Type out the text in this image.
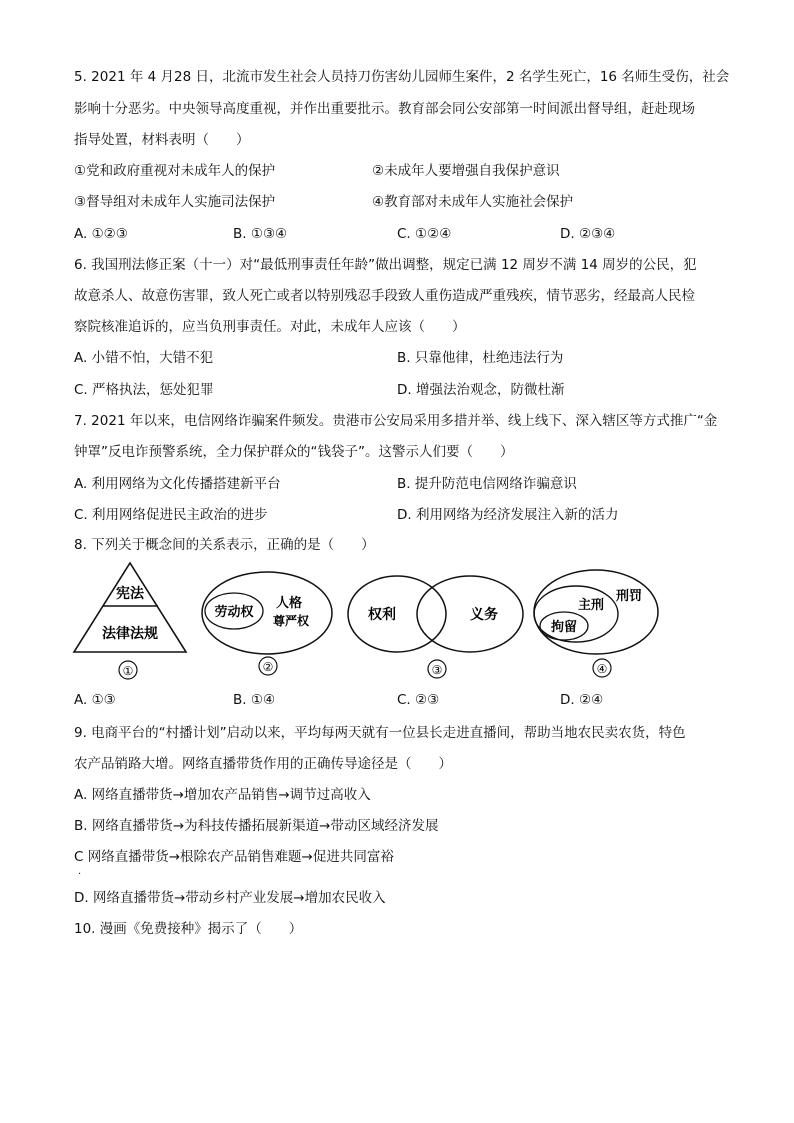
5. 2021 年 4 月28 日，北流市发生社会人员持刀伤害幼儿园师生案件，2 名学生死亡，16 名师生受伤，社会
影响十分恶劣。中央领导高度重视，并作出重要批示。教育部会同公安部第一时间派出督导组，赶赴现场
指导处置，材料表明（　　）
①党和政府重视对未成年人的保护	②未成年人要增强自我保护意识
③督导组对未成年人实施司法保护	④教育部对未成年人实施社会保护
A. ①②③	B. ①③④	C. ①②④	D. ②③④
6. 我国刑法修正案（十一）对“最低刑事责任年龄”做出调整，规定已满 12 周岁不满 14 周岁的公民，犯
故意杀人、故意伤害罪，致人死亡或者以特别残忍手段致人重伤造成严重残疾，情节恶劣，经最高人民检
察院核准追诉的，应当负刑事责任。对此，未成年人应该（　　）
A. 小错不怕，大错不犯	B. 只靠他律，杜绝违法行为
C. 严格执法，惩处犯罪	D. 增强法治观念，防微杜渐
7. 2021 年以来，电信网络诈骗案件频发。贵港市公安局采用多措并举、线上线下、深入辖区等方式推广“金
钟罩”反电诈预警系统，全力保护群众的“钱袋子”。这警示人们要（　　）
A. 利用网络为文化传播搭建新平台	B. 提升防范电信网络诈骗意识
C. 利用网络促进民主政治的进步	D. 利用网络为经济发展注入新的活力
8. 下列关于概念间的关系表示，正确的是（　　）
宪法
法律法规
①
劳动权
人格
尊严权
②
权利	义务
③
刑罚
主刑
拘留
④
A. ①③	B. ①④	C. ②③	D. ②④
9. 电商平台的“村播计划”启动以来，平均每两天就有一位县长走进直播间，帮助当地农民卖农货，特色
农产品销路大增。网络直播带货作用的正确传导途径是（　　）
A. 网络直播带货→增加农产品销售→调节过高收入
B. 网络直播带货→为科技传播拓展新渠道→带动区域经济发展
C 网络直播带货→根除农产品销售难题→促进共同富裕
.
D. 网络直播带货→带动乡村产业发展→增加农民收入
10. 漫画《免费接种》揭示了（　　）
